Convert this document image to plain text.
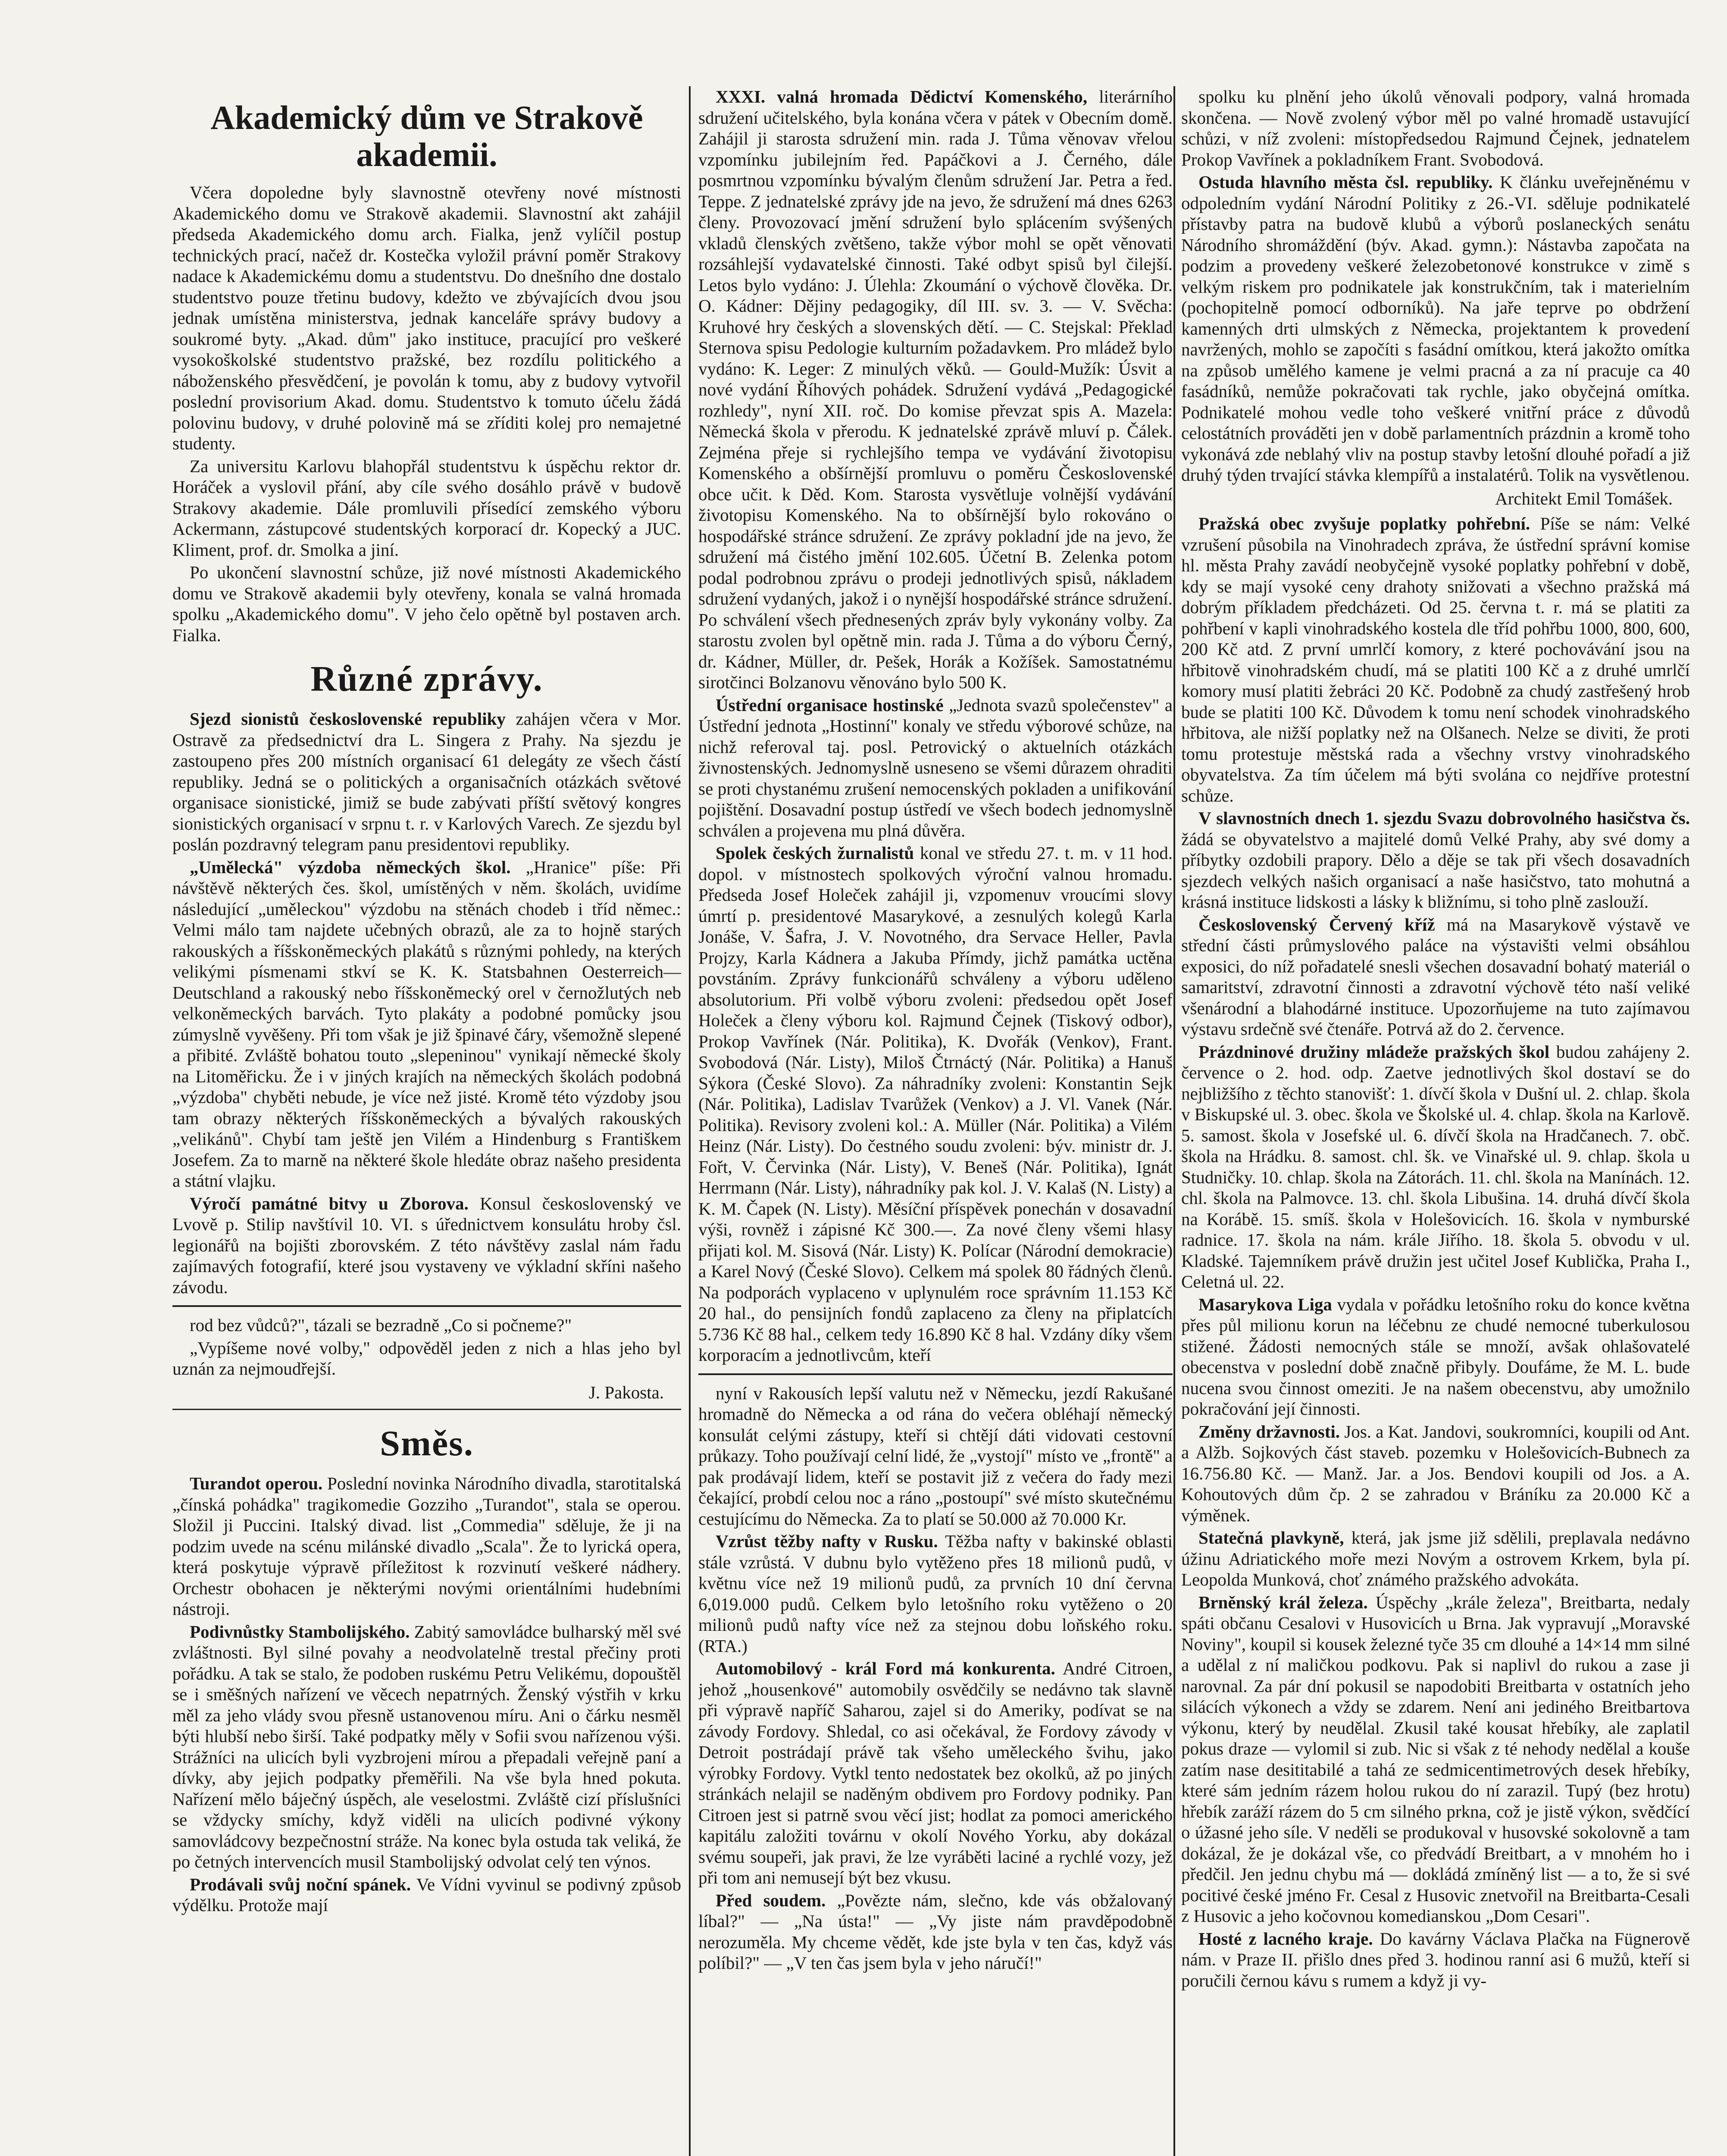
Akademický dům ve Strakově akademii.

Včera dopoledne byly slavnostně otevřeny nové místnosti Akademického domu ve Strakově akademii. Slavnostní akt zahájil předseda Akademického domu arch. Fialka, jenž vylíčil postup technických prací, načež dr. Kostečka vyložil právní poměr Strakovy nadace k Akademickému domu a studentstvu. Do dnešního dne dostalo studentstvo pouze třetinu budovy, kdežto ve zbývajících dvou jsou jednak umístěna ministerstva, jednak kanceláře správy budovy a soukromé byty. „Akad. dům" jako instituce, pracující pro veškeré vysokoškolské studentstvo pražské, bez rozdílu politického a náboženského přesvědčení, je povolán k tomu, aby z budovy vytvořil poslední provisorium Akad. domu. Studentstvo k tomuto účelu žádá polovinu budovy, v druhé polovině má se zříditi kolej pro nemajetné studenty.

Za universitu Karlovu blahopřál studentstvu k úspěchu rektor dr. Horáček a vyslovil přání, aby cíle svého dosáhlo právě v budově Strakovy akademie. Dále promluvili přísedící zemského výboru Ackermann, zástupcové studentských korporací dr. Kopecký a JUC. Kliment, prof. dr. Smolka a jiní.

Po ukončení slavnostní schůze, již nové místnosti Akademického domu ve Strakově akademii byly otevřeny, konala se valná hromada spolku „Akademického domu". V jeho čelo opětně byl postaven arch. Fialka.

Různé zprávy.

Sjezd sionistů československé republiky zahájen včera v Mor. Ostravě za předsednictví dra L. Singera z Prahy. Na sjezdu je zastoupeno přes 200 místních organisací 61 delegáty ze všech částí republiky. Jedná se o politických a organisačních otázkách světové organisace sionistické, jimiž se bude zabývati příští světový kongres sionistických organisací v srpnu t. r. v Karlových Varech. Ze sjezdu byl poslán pozdravný telegram panu presidentovi republiky.

„Umělecká" výzdoba německých škol. „Hranice" píše: Při návštěvě některých čes. škol, umístěných v něm. školách, uvidíme následující „uměleckou" výzdobu na stěnách chodeb i tříd němec.: Velmi málo tam najdete učebných obrazů, ale za to hojně starých rakouských a říšskoněmeckých plakátů s různými pohledy, na kterých velikými písmenami stkví se K. K. Statsbahnen Oesterreich—Deutschland a rakouský nebo říšskoněmecký orel v černožlutých neb velkoněmeckých barvách. Tyto plakáty a podobné pomůcky jsou zúmyslně vyvěšeny. Při tom však je již špinavé čáry, všemožně slepené a přibité. Zvláště bohatou touto „slepeninou" vynikají německé školy na Litoměřicku. Že i v jiných krajích na německých školách podobná „výzdoba" chyběti nebude, je více než jisté. Kromě této výzdoby jsou tam obrazy některých říšskoněmeckých a bývalých rakouských „velikánů". Chybí tam ještě jen Vilém a Hindenburg s Františkem Josefem. Za to marně na některé škole hledáte obraz našeho presidenta a státní vlajku.

Výročí památné bitvy u Zborova. Konsul československý ve Lvově p. Stilip navštívil 10. VI. s úřednictvem konsulátu hroby čsl. legionářů na bojišti zborovském. Z této návštěvy zaslal nám řadu zajímavých fotografií, které jsou vystaveny ve výkladní skříni našeho závodu.

rod bez vůdců?", tázali se bezradně „Co si počneme?"

„Vypíšeme nové volby," odpověděl jeden z nich a hlas jeho byl uznán za nejmoudřejší.

J. Pakosta.

Směs.

Turandot operou. Poslední novinka Národního divadla, starotitalská „čínská pohádka" tragikomedie Gozziho „Turandot", stala se operou. Složil ji Puccini. Italský divad. list „Commedia" sděluje, že ji na podzim uvede na scénu milánské divadlo „Scala". Že to lyrická opera, která poskytuje výpravě příležitost k rozvinutí veškeré nádhery. Orchestr obohacen je některými novými orientálními hudebními nástroji.

Podivnůstky Stambolijského. Zabitý samovládce bulharský měl své zvláštnosti. Byl silné povahy a neodvolatelně trestal přečiny proti pořádku. A tak se stalo, že podoben ruskému Petru Velikému, dopouštěl se i směšných nařízení ve věcech nepatrných. Ženský výstřih v krku měl za jeho vlády svou přesně ustanovenou míru. Ani o čárku nesměl býti hlubší nebo širší. Také podpatky měly v Sofii svou nařízenou výši. Strážníci na ulicích byli vyzbrojeni mírou a přepadali veřejně paní a dívky, aby jejich podpatky přeměřili. Na vše byla hned pokuta. Nařízení mělo báječný úspěch, ale veselostmi. Zvláště cizí příslušníci se vždycky smíchy, když viděli na ulicích podivné výkony samovládcovy bezpečnostní stráže. Na konec byla ostuda tak veliká, že po četných intervencích musil Stambolijský odvolat celý ten výnos.

Prodávali svůj noční spánek. Ve Vídni vyvinul se podivný způsob výdělku. Protože mají

XXXI. valná hromada Dědictví Komenského, literárního sdružení učitelského, byla konána včera v pátek v Obecním domě. Zahájil ji starosta sdružení min. rada J. Tůma věnovav vřelou vzpomínku jubilejním řed. Papáčkovi a J. Černého, dále posmrtnou vzpomínku bývalým členům sdružení Jar. Petra a řed. Teppe. Z jednatelské zprávy jde na jevo, že sdružení má dnes 6263 členy. Provozovací jmění sdružení bylo splácením svýšených vkladů členských zvětšeno, takže výbor mohl se opět věnovati rozsáhlejší vydavatelské činnosti. Také odbyt spisů byl čilejší. Letos bylo vydáno: J. Úlehla: Zkoumání o výchově člověka. Dr. O. Kádner: Dějiny pedagogiky, díl III. sv. 3. — V. Svěcha: Kruhové hry českých a slovenských dětí. — C. Stejskal: Překlad Sternova spisu Pedologie kulturním požadavkem. Pro mládež bylo vydáno: K. Leger: Z minulých věků. — Gould-Mužík: Úsvit a nové vydání Říhových pohádek. Sdružení vydává „Pedagogické rozhledy", nyní XII. roč. Do komise převzat spis A. Mazela: Německá škola v přerodu. K jednatelské zprávě mluví p. Čálek. Zejména přeje si rychlejšího tempa ve vydávání životopisu Komenského a obšírnější promluvu o poměru Československé obce učit. k Děd. Kom. Starosta vysvětluje volnější vydávání životopisu Komenského. Na to obšírnější bylo rokováno o hospodářské stránce sdružení. Ze zprávy pokladní jde na jevo, že sdružení má čistého jmění 102.605. Účetní B. Zelenka potom podal podrobnou zprávu o prodeji jednotlivých spisů, nákladem sdružení vydaných, jakož i o nynější hospodářské stránce sdružení. Po schválení všech přednesených zpráv byly vykonány volby. Za starostu zvolen byl opětně min. rada J. Tůma a do výboru Černý, dr. Kádner, Müller, dr. Pešek, Horák a Kožíšek. Samostatnému sirotčinci Bolzanovu věnováno bylo 500 K.

Ústřední organisace hostinské „Jednota svazů společenstev" a Ústřední jednota „Hostinní" konaly ve středu výborové schůze, na nichž referoval taj. posl. Petrovický o aktuelních otázkách živnostenských. Jednomyslně usneseno se všemi důrazem ohraditi se proti chystanému zrušení nemocenských pokladen a unifikování pojištění. Dosavadní postup ústředí ve všech bodech jednomyslně schválen a projevena mu plná důvěra.

Spolek českých žurnalistů konal ve středu 27. t. m. v 11 hod. dopol. v místnostech spolkových výroční valnou hromadu. Předseda Josef Holeček zahájil ji, vzpomenuv vroucími slovy úmrtí p. presidentové Masarykové, a zesnulých kolegů Karla Jonáše, V. Šafra, J. V. Novotného, dra Servace Heller, Pavla Projzy, Karla Kádnera a Jakuba Přímdy, jichž památka uctěna povstáním. Zprávy funkcionářů schváleny a výboru uděleno absolutorium. Při volbě výboru zvoleni: předsedou opět Josef Holeček a členy výboru kol. Rajmund Čejnek (Tiskový odbor), Prokop Vavřínek (Nár. Politika), K. Dvořák (Venkov), Frant. Svobodová (Nár. Listy), Miloš Čtrnáctý (Nár. Politika) a Hanuš Sýkora (České Slovo). Za náhradníky zvoleni: Konstantin Sejk (Nár. Politika), Ladislav Tvarůžek (Venkov) a J. Vl. Vanek (Nár. Politika). Revisory zvoleni kol.: A. Müller (Nár. Politika) a Vilém Heinz (Nár. Listy). Do čestného soudu zvoleni: býv. ministr dr. J. Fořt, V. Červinka (Nár. Listy), V. Beneš (Nár. Politika), Ignát Herrmann (Nár. Listy), náhradníky pak kol. J. V. Kalaš (N. Listy) a K. M. Čapek (N. Listy). Měsíční příspěvek ponechán v dosavadní výši, rovněž i zápisné Kč 300.—. Za nové členy všemi hlasy přijati kol. M. Sisová (Nár. Listy) K. Polícar (Národní demokracie) a Karel Nový (České Slovo). Celkem má spolek 80 řádných členů. Na podporách vyplaceno v uplynulém roce správním 11.153 Kč 20 hal., do pensijních fondů zaplaceno za členy na připlatcích 5.736 Kč 88 hal., celkem tedy 16.890 Kč 8 hal. Vzdány díky všem korporacím a jednotlivcům, kteří

nyní v Rakousích lepší valutu než v Německu, jezdí Rakušané hromadně do Německa a od rána do večera obléhají německý konsulát celými zástupy, kteří si chtějí dáti vidovati cestovní průkazy. Toho používají celní lidé, že „vystojí" místo ve „frontě" a pak prodávají lidem, kteří se postavit již z večera do řady mezi čekající, probdí celou noc a ráno „postoupí" své místo skutečnému cestujícímu do Německa. Za to platí se 50.000 až 70.000 Kr.

Vzrůst těžby nafty v Rusku. Těžba nafty v bakinské oblasti stále vzrůstá. V dubnu bylo vytěženo přes 18 milionů pudů, v květnu více než 19 milionů pudů, za prvních 10 dní června 6,019.000 pudů. Celkem bylo letošního roku vytěženo o 20 milionů pudů nafty více než za stejnou dobu loňského roku. (RTA.)

Automobilový - král Ford má konkurenta. André Citroen, jehož „housenkové" automobily osvědčily se nedávno tak slavně při výpravě napříč Saharou, zajel si do Ameriky, podívat se na závody Fordovy. Shledal, co asi očekával, že Fordovy závody v Detroit postrádají právě tak všeho uměleckého švihu, jako výrobky Fordovy. Vytkl tento nedostatek bez okolků, až po jiných stránkách nelajil se naděným obdivem pro Fordovy podniky. Pan Citroen jest si patrně svou věcí jist; hodlat za pomoci amerického kapitálu založiti továrnu v okolí Nového Yorku, aby dokázal svému soupeři, jak pravi, že lze vyráběti laciné a rychlé vozy, jež při tom ani nemusejí být bez vkusu.

Před soudem. „Povězte nám, slečno, kde vás obžalovaný líbal?" — „Na ústa!" — „Vy jiste nám pravděpodobně nerozuměla. My chceme vědět, kde jste byla v ten čas, když vás políbil?" — „V ten čas jsem byla v jeho náručí!"

spolku ku plnění jeho úkolů věnovali podpory, valná hromada skončena. — Nově zvolený výbor měl po valné hromadě ustavující schůzi, v níž zvoleni: místopředsedou Rajmund Čejnek, jednatelem Prokop Vavřínek a pokladníkem Frant. Svobodová.

Ostuda hlavního města čsl. republiky. K článku uveřejněnému v odpoledním vydání Národní Politiky z 26.-VI. sděluje podnikatelé přístavby patra na budově klubů a výborů poslaneckých senátu Národního shromáždění (býv. Akad. gymn.): Nástavba započata na podzim a provedeny veškeré železobetonové konstrukce v zimě s velkým riskem pro podnikatele jak konstrukčním, tak i materielním (pochopitelně pomocí odborníků). Na jaře teprve po obdržení kamenných drti ulmských z Německa, projektantem k provedení navržených, mohlo se započíti s fasádní omítkou, která jakožto omítka na způsob umělého kamene je velmi pracná a za ní pracuje ca 40 fasádníků, nemůže pokračovati tak rychle, jako obyčejná omítka. Podnikatelé mohou vedle toho veškeré vnitřní práce z důvodů celostátních prováděti jen v době parlamentních prázdnin a kromě toho vykonává zde neblahý vliv na postup stavby letošní dlouhé pořadí a již druhý týden trvající stávka klempířů a instalatérů. Tolik na vysvětlenou.

Architekt Emil Tomášek.

Pražská obec zvyšuje poplatky pohřební. Píše se nám: Velké vzrušení působila na Vinohradech zpráva, že ústřední správní komise hl. města Prahy zavádí neobyčejně vysoké poplatky pohřební v době, kdy se mají vysoké ceny drahoty snižovati a všechno pražská má dobrým příkladem předcházeti. Od 25. června t. r. má se platiti za pohřbení v kapli vinohradského kostela dle tříd pohřbu 1000, 800, 600, 200 Kč atd. Z první umrlčí komory, z které pochovávání jsou na hřbitově vinohradském chudí, má se platiti 100 Kč a z druhé umrlčí komory musí platiti žebráci 20 Kč. Podobně za chudý zastřešený hrob bude se platiti 100 Kč. Důvodem k tomu není schodek vinohradského hřbitova, ale nižší poplatky než na Olšanech. Nelze se diviti, že proti tomu protestuje městská rada a všechny vrstvy vinohradského obyvatelstva. Za tím účelem má býti svolána co nejdříve protestní schůze.

V slavnostních dnech 1. sjezdu Svazu dobrovolného hasičstva čs. žádá se obyvatelstvo a majitelé domů Velké Prahy, aby své domy a příbytky ozdobili prapory. Dělo a děje se tak při všech dosavadních sjezdech velkých našich organisací a naše hasičstvo, tato mohutná a krásná instituce lidskosti a lásky k bližnímu, si toho plně zaslouží.

Československý Červený kříž má na Masarykově výstavě ve střední části průmyslového paláce na výstavišti velmi obsáhlou exposici, do níž pořadatelé snesli všechen dosavadní bohatý materiál o samaritství, zdravotní činnosti a zdravotní výchově této naší veliké všenárodní a blahodárné instituce. Upozorňujeme na tuto zajímavou výstavu srdečně své čtenáře. Potrvá až do 2. července.

Prázdninové družiny mládeže pražských škol budou zahájeny 2. července o 2. hod. odp. Zaetve jednotlivých škol dostaví se do nejbližšího z těchto stanovišť: 1. dívčí škola v Dušní ul. 2. chlap. škola v Biskupské ul. 3. obec. škola ve Školské ul. 4. chlap. škola na Karlově. 5. samost. škola v Josefské ul. 6. dívčí škola na Hradčanech. 7. obč. škola na Hrádku. 8. samost. chl. šk. ve Vinařské ul. 9. chlap. škola u Studničky. 10. chlap. škola na Zátorách. 11. chl. škola na Manínách. 12. chl. škola na Palmovce. 13. chl. škola Libušina. 14. druhá dívčí škola na Korábě. 15. smíš. škola v Holešovicích. 16. škola v nymburské radnice. 17. škola na nám. krále Jiřího. 18. škola 5. obvodu v ul. Kladské. Tajemníkem právě družin jest učitel Josef Kublička, Praha I., Celetná ul. 22.

Masarykova Liga vydala v pořádku letošního roku do konce května přes půl milionu korun na léčebnu ze chudé nemocné tuberkulosou stižené. Žádosti nemocných stále se množí, avšak ohlašovatelé obecenstva v poslední době značně přibyly. Doufáme, že M. L. bude nucena svou činnost omeziti. Je na našem obecenstvu, aby umožnilo pokračování její činnosti.

Změny državnosti. Jos. a Kat. Jandovi, soukromníci, koupili od Ant. a Alžb. Sojkových část staveb. pozemku v Holešovicích-Bubnech za 16.756.80 Kč. — Manž. Jar. a Jos. Bendovi koupili od Jos. a A. Kohoutových dům čp. 2 se zahradou v Bráníku za 20.000 Kč a výměnek.

Statečná plavkyně, která, jak jsme již sdělili, preplavala nedávno úžinu Adriatického moře mezi Novým a ostrovem Krkem, byla pí. Leopolda Munková, choť známého pražského advokáta.

Brněnský král železa. Úspěchy „krále železa", Breitbarta, nedaly spáti občanu Cesalovi v Husovicích u Brna. Jak vypravují „Moravské Noviny", koupil si kousek železné tyče 35 cm dlouhé a 14×14 mm silné a udělal z ní maličkou podkovu. Pak si naplivl do rukou a zase ji narovnal. Za pár dní pokusil se napodobiti Breitbarta v ostatních jeho silácích výkonech a vždy se zdarem. Není ani jediného Breitbartova výkonu, který by neudělal. Zkusil také kousat hřebíky, ale zaplatil pokus draze — vylomil si zub. Nic si však z té nehody nedělal a kouše zatím nase desititabilé a tahá ze sedmicentimetrových desek hřebíky, které sám jedním rázem holou rukou do ní zarazil. Tupý (bez hrotu) hřebík zaráží rázem do 5 cm silného prkna, což je jistě výkon, svědčící o úžasné jeho síle. V neděli se produkoval v husovské sokolovně a tam dokázal, že je dokázal vše, co předvádí Breitbart, a v mnohém ho i předčil. Jen jednu chybu má — dokládá zmíněný list — a to, že si své pocitivé české jméno Fr. Cesal z Husovic znetvořil na Breitbarta-Cesali z Husovic a jeho kočovnou komedianskou „Dom Cesari".

Hosté z lacného kraje. Do kavárny Václava Plačka na Fügnerově nám. v Praze II. přišlo dnes před 3. hodinou ranní asi 6 mužů, kteří si poručili černou kávu s rumem a když ji vy-
